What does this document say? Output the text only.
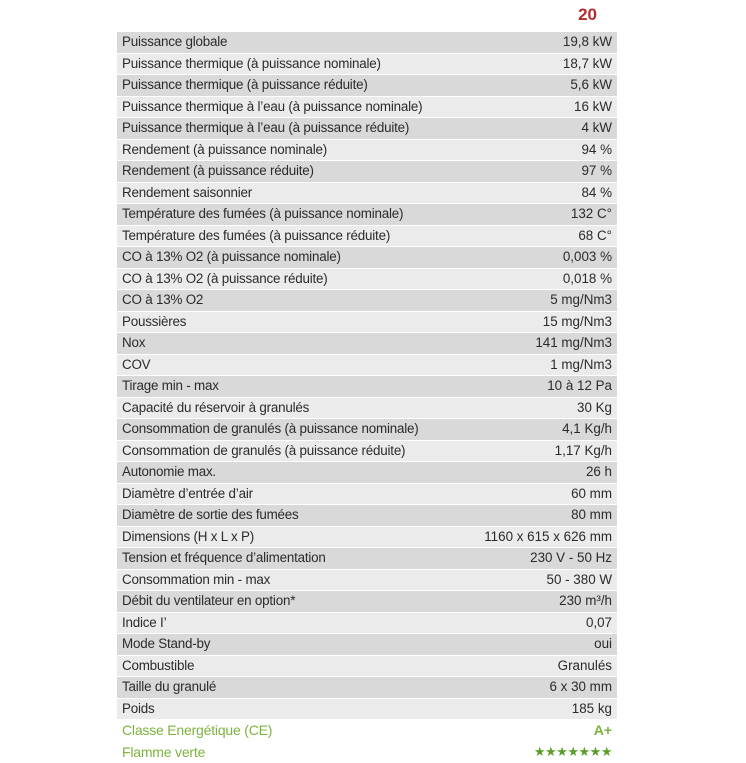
20
Puissance globale	19,8 kW
Puissance thermique (à puissance nominale)	18,7 kW
Puissance thermique (à puissance réduite)	5,6 kW
Puissance thermique à l’eau (à puissance nominale)	16 kW
Puissance thermique à l’eau (à puissance réduite)	4 kW
Rendement (à puissance nominale)	94 %
Rendement (à puissance réduite)	97 %
Rendement saisonnier	84 %
Température des fumées (à puissance nominale)	132 C°
Température des fumées (à puissance réduite)	68 C°
CO à 13% O2 (à puissance nominale)	0,003 %
CO à 13% O2 (à puissance réduite)	0,018 %
CO à 13% O2	5 mg/Nm3
Poussières	15 mg/Nm3
Nox	141 mg/Nm3
COV	1 mg/Nm3
Tirage min - max	10 à 12 Pa
Capacité du réservoir à granulés	30 Kg
Consommation de granulés (à puissance nominale)	4,1 Kg/h
Consommation de granulés (à puissance réduite)	1,17 Kg/h
Autonomie max.	26 h
Diamètre d’entrée d’air	60 mm
Diamètre de sortie des fumées	80 mm
Dimensions (H x L x P)	1160 x 615 x 626 mm
Tension et fréquence d’alimentation	230 V - 50 Hz
Consommation min - max	50 - 380 W
Débit du ventilateur en option*	230 m³/h
Indice I’	0,07
Mode Stand-by	oui
Combustible	Granulés
Taille du granulé	6 x 30 mm
Poids	185 kg
Classe Energétique (CE)	A+
Flamme verte	★★★★★★★
